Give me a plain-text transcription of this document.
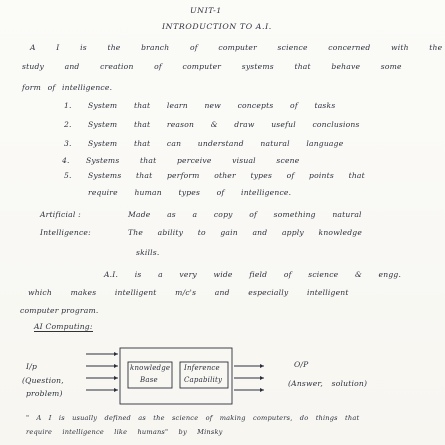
UNIT-1
INTRODUCTION TO A.I.
A I is the branch of computer science concerned with the
study and creation of computer systems that behave some
form of intelligence.
1. System that learn new concepts of tasks
2. System that reason & draw useful conclusions
3. System that can understand natural language
4. Systems that perceive visual scene
5. Systems that perform other types of points that
require human types of intelligence.
Artificial :	Made as a copy of something natural
Intelligence:	The ability to gain and apply knowledge
skills.
A.I. is a very wide field of science & engg.
which makes intelligent m/c's and especially intelligent
computer program.
AI Computing:
I/p
(Question,
problem)
knowledge
Base
Inference
Capability
O/P
(Answer, solution)
" A I is usually defined as the science of making computers, do things that
require intelligence like humans" by Minsky
